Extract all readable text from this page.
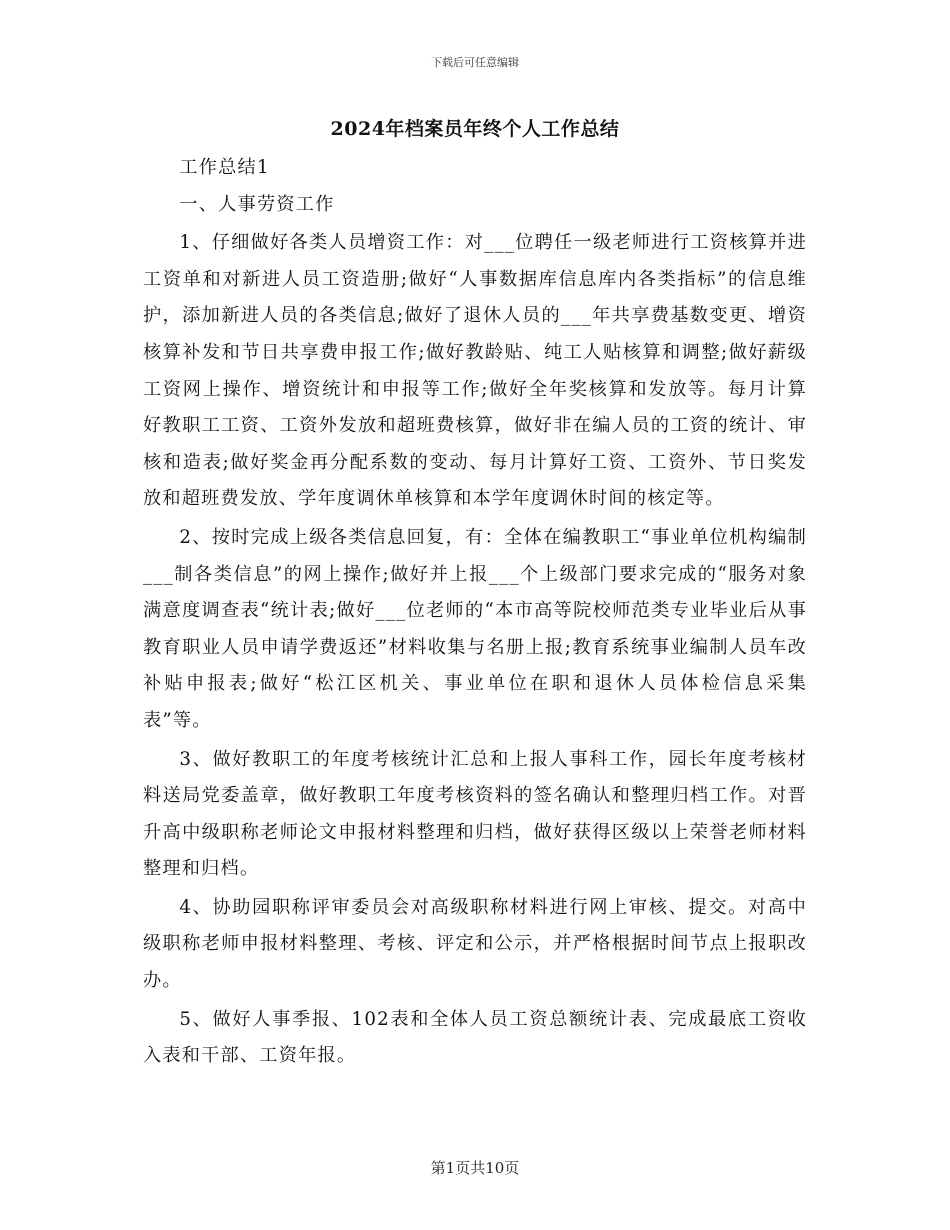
下载后可任意编辑
2024年档案员年终个人工作总结

工作总结1

一、人事劳资工作

1、仔细做好各类人员增资工作：对___位聘任一级老师进行工资核算并进工资单和对新进人员工资造册;做好“人事数据库信息库内各类指标”的信息维护，添加新进人员的各类信息;做好了退休人员的___年共享费基数变更、增资核算补发和节日共享费申报工作;做好教龄贴、纯工人贴核算和调整;做好薪级工资网上操作、增资统计和申报等工作;做好全年奖核算和发放等。每月计算好教职工工资、工资外发放和超班费核算，做好非在编人员的工资的统计、审核和造表;做好奖金再分配系数的变动、每月计算好工资、工资外、节日奖发放和超班费发放、学年度调休单核算和本学年度调休时间的核定等。

2、按时完成上级各类信息回复，有：全体在编教职工“事业单位机构编制___制各类信息”的网上操作;做好并上报___个上级部门要求完成的“服务对象满意度调查表“统计表;做好___位老师的“本市高等院校师范类专业毕业后从事教育职业人员申请学费返还”材料收集与名册上报;教育系统事业编制人员车改补贴申报表;做好“松江区机关、事业单位在职和退休人员体检信息采集表”等。

3、做好教职工的年度考核统计汇总和上报人事科工作，园长年度考核材料送局党委盖章，做好教职工年度考核资料的签名确认和整理归档工作。对晋升高中级职称老师论文申报材料整理和归档，做好获得区级以上荣誉老师材料整理和归档。

4、协助园职称评审委员会对高级职称材料进行网上审核、提交。对高中级职称老师申报材料整理、考核、评定和公示，并严格根据时间节点上报职改办。

5、做好人事季报、102表和全体人员工资总额统计表、完成最底工资收入表和干部、工资年报。

第1页共10页
